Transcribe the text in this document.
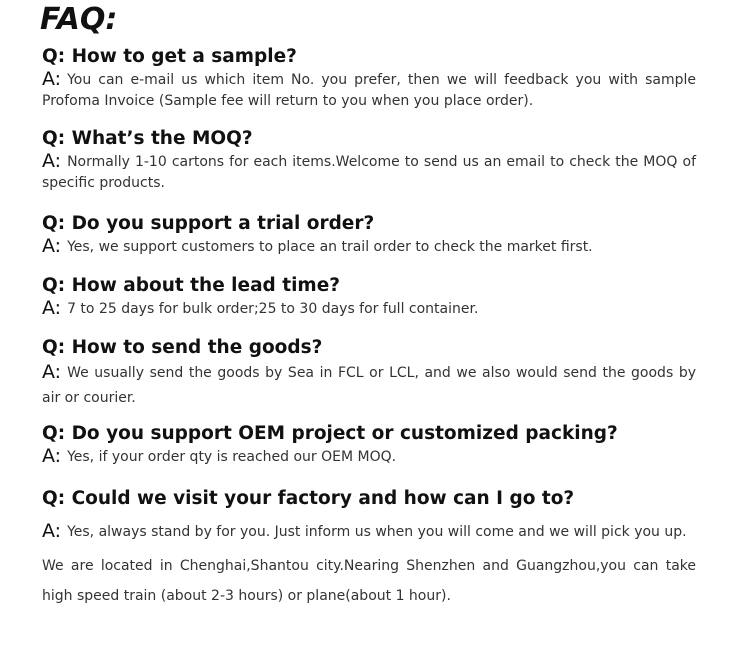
FAQ:
Q: How to get a sample?
A: You can e-mail us which item No. you prefer, then we will feedback you with sample Profoma Invoice (Sample fee will return to you when you place order).
Q: What’s the MOQ?
A: Normally 1-10 cartons for each items.Welcome to send us an email to check the MOQ of specific products.
Q: Do you support a trial order?
A: Yes, we support customers to place an trail order to check the market first.
Q: How about the lead time?
A: 7 to 25 days for bulk order;25 to 30 days for full container.
Q: How to send the goods?
A: We usually send the goods by Sea in FCL or LCL, and we also would send the goods by air or courier.
Q: Do you support OEM project or customized packing?
A: Yes, if your order qty is reached our OEM MOQ.
Q: Could we visit your factory and how can I go to?
A: Yes, always stand by for you. Just inform us when you will come and we will pick you up.
We are located in Chenghai,Shantou city.Nearing Shenzhen and Guangzhou,you can take high speed train (about 2-3 hours) or plane(about 1 hour).
